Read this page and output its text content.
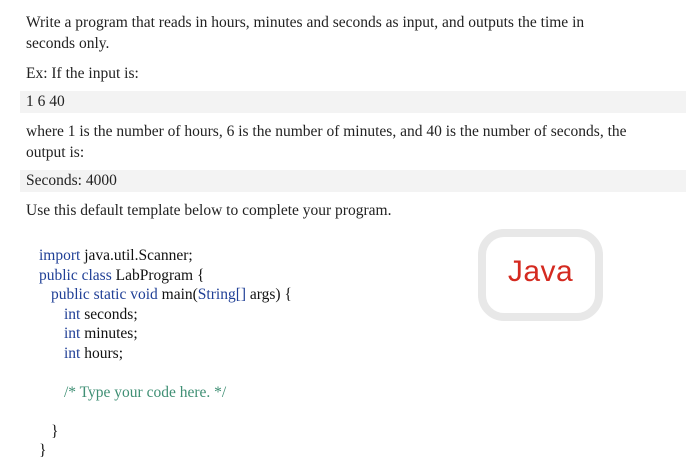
Write a program that reads in hours, minutes and seconds as input, and outputs the time in

seconds only.

Ex: If the input is:

1 6 40

where 1 is the number of hours, 6 is the number of minutes, and 40 is the number of seconds, the

output is:

Seconds: 4000

Use this default template below to complete your program.

import java.util.Scanner;
public class LabProgram {
public static void main(String[] args) {
int seconds;
int minutes;
int hours;
/* Type your code here. */
}
}
Java
